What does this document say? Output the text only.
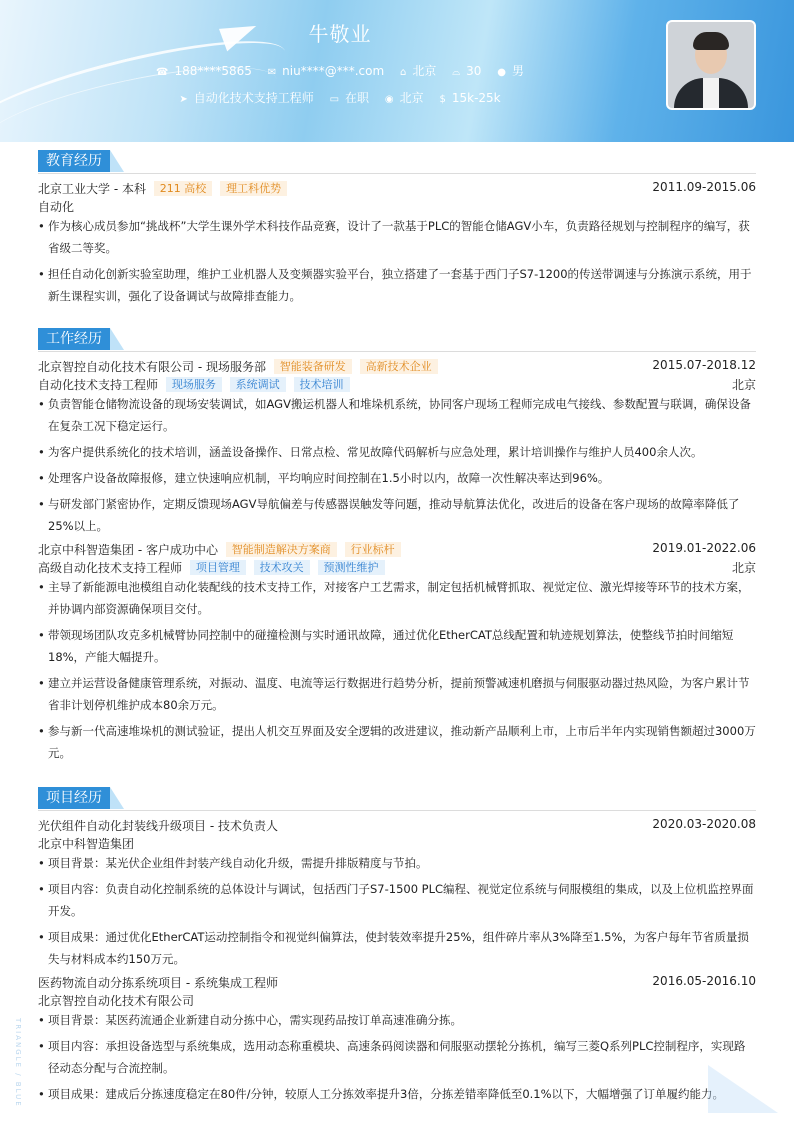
牛敬业
☎ 188****5865 ✉ niu****@***.com ⌂ 北京 ⌓ 30 ● 男
➤ 自动化技术支持工程师 ▭ 在职 ◉ 北京 $ 15k-25k
教育经历
北京工业大学 - 本科 211 高校 理工科优势	2011.09-2015.06
自动化
• 作为核心成员参加“挑战杯”大学生课外学术科技作品竞赛，设计了一款基于PLC的智能仓储AGV小车，负责路径规划与控制程序的编写，获省级二等奖。
• 担任自动化创新实验室助理，维护工业机器人及变频器实验平台，独立搭建了一套基于西门子S7-1200的传送带调速与分拣演示系统，用于新生课程实训，强化了设备调试与故障排查能力。
工作经历
北京智控自动化技术有限公司 - 现场服务部 智能装备研发 高新技术企业	2015.07-2018.12
自动化技术支持工程师 现场服务 系统调试 技术培训	北京
• 负责智能仓储物流设备的现场安装调试，如AGV搬运机器人和堆垛机系统，协同客户现场工程师完成电气接线、参数配置与联调，确保设备在复杂工况下稳定运行。
• 为客户提供系统化的技术培训，涵盖设备操作、日常点检、常见故障代码解析与应急处理，累计培训操作与维护人员400余人次。
• 处理客户设备故障报修，建立快速响应机制，平均响应时间控制在1.5小时以内，故障一次性解决率达到96%。
• 与研发部门紧密协作，定期反馈现场AGV导航偏差与传感器误触发等问题，推动导航算法优化，改进后的设备在客户现场的故障率降低了25%以上。
北京中科智造集团 - 客户成功中心 智能制造解决方案商 行业标杆	2019.01-2022.06
高级自动化技术支持工程师 项目管理 技术攻关 预测性维护	北京
• 主导了新能源电池模组自动化装配线的技术支持工作，对接客户工艺需求，制定包括机械臂抓取、视觉定位、激光焊接等环节的技术方案，并协调内部资源确保项目交付。
• 带领现场团队攻克多机械臂协同控制中的碰撞检测与实时通讯故障，通过优化EtherCAT总线配置和轨迹规划算法，使整线节拍时间缩短18%，产能大幅提升。
• 建立并运营设备健康管理系统，对振动、温度、电流等运行数据进行趋势分析，提前预警减速机磨损与伺服驱动器过热风险，为客户累计节省非计划停机维护成本80余万元。
• 参与新一代高速堆垛机的测试验证，提出人机交互界面及安全逻辑的改进建议，推动新产品顺利上市，上市后半年内实现销售额超过3000万元。
项目经历
光伏组件自动化封装线升级项目 - 技术负责人	2020.03-2020.08
北京中科智造集团
• 项目背景：某光伏企业组件封装产线自动化升级，需提升排版精度与节拍。
• 项目内容：负责自动化控制系统的总体设计与调试，包括西门子S7-1500 PLC编程、视觉定位系统与伺服模组的集成，以及上位机监控界面开发。
• 项目成果：通过优化EtherCAT运动控制指令和视觉纠偏算法，使封装效率提升25%，组件碎片率从3%降至1.5%，为客户每年节省质量损失与材料成本约150万元。
医药物流自动分拣系统项目 - 系统集成工程师	2016.05-2016.10
北京智控自动化技术有限公司
• 项目背景：某医药流通企业新建自动分拣中心，需实现药品按订单高速准确分拣。
• 项目内容：承担设备选型与系统集成，选用动态称重模块、高速条码阅读器和伺服驱动摆轮分拣机，编写三菱Q系列PLC控制程序，实现路径动态分配与合流控制。
• 项目成果：建成后分拣速度稳定在80件/分钟，较原人工分拣效率提升3倍，分拣差错率降低至0.1%以下，大幅增强了订单履约能力。
TRIANGLE / BLUE
